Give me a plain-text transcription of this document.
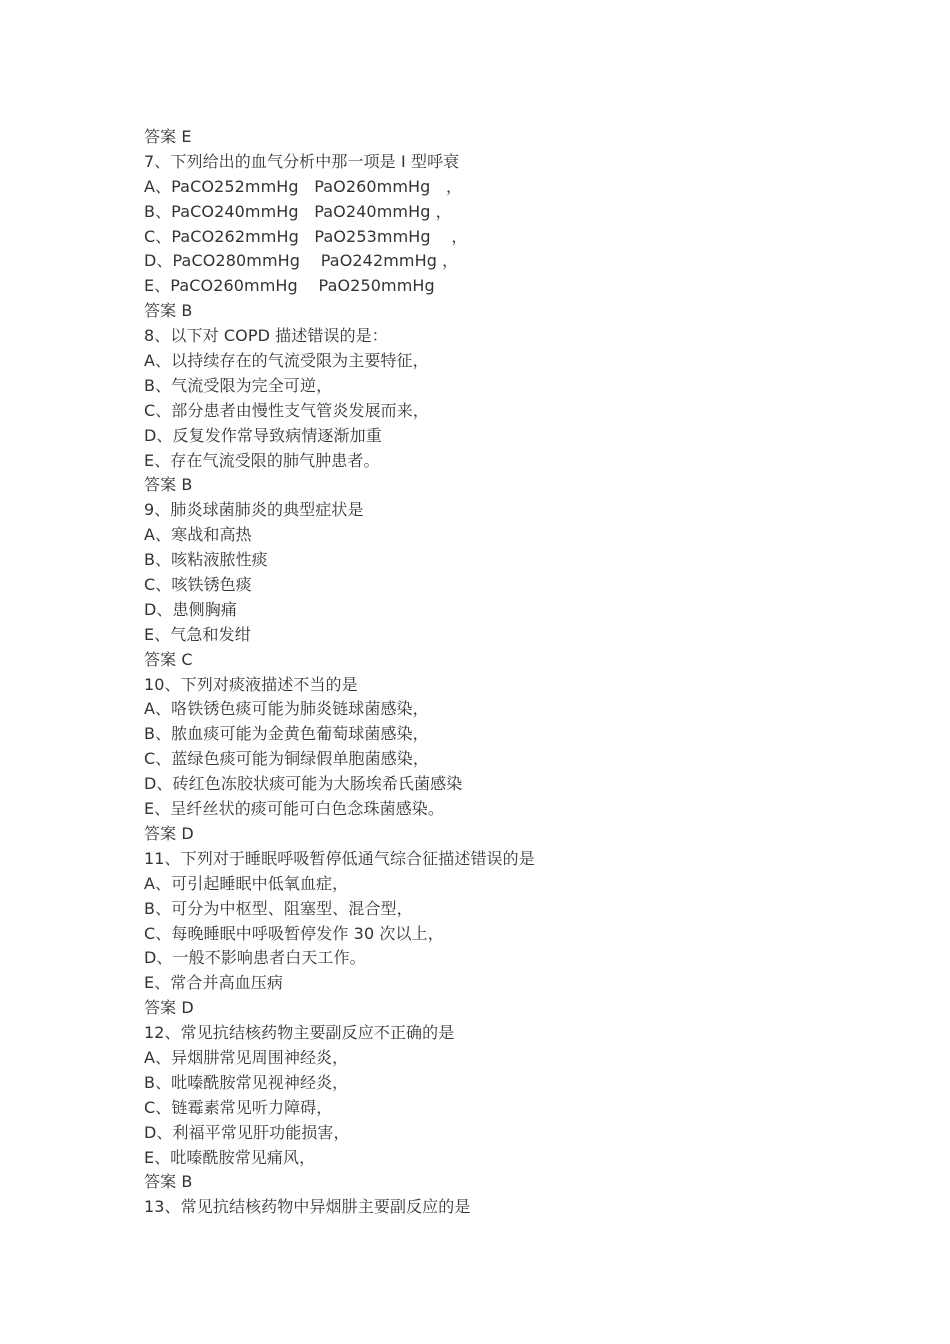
答案 E
7、下列给出的血气分析中那一项是 I 型呼衰
A、PaCO252mmHg   PaO260mmHg   ，
B、PaCO240mmHg   PaO240mmHg ，
C、PaCO262mmHg   PaO253mmHg    ，
D、PaCO280mmHg    PaO242mmHg ，
E、PaCO260mmHg    PaO250mmHg
答案 B
8、以下对 COPD 描述错误的是：
A、以持续存在的气流受限为主要特征，
B、气流受限为完全可逆，
C、部分患者由慢性支气管炎发展而来，
D、反复发作常导致病情逐渐加重
E、存在气流受限的肺气肿患者。
答案 B
9、肺炎球菌肺炎的典型症状是
A、寒战和高热
B、咳粘液脓性痰
C、咳铁锈色痰
D、患侧胸痛
E、气急和发绀
答案 C
10、下列对痰液描述不当的是
A、咯铁锈色痰可能为肺炎链球菌感染，
B、脓血痰可能为金黄色葡萄球菌感染，
C、蓝绿色痰可能为铜绿假单胞菌感染，
D、砖红色冻胶状痰可能为大肠埃希氏菌感染
E、呈纤丝状的痰可能可白色念珠菌感染。
答案 D
11、下列对于睡眠呼吸暂停低通气综合征描述错误的是
A、可引起睡眠中低氧血症，
B、可分为中枢型、阻塞型、混合型，
C、每晚睡眠中呼吸暂停发作 30 次以上，
D、一般不影响患者白天工作。
E、常合并高血压病
答案 D
12、常见抗结核药物主要副反应不正确的是
A、异烟肼常见周围神经炎，
B、吡嗪酰胺常见视神经炎，
C、链霉素常见听力障碍，
D、利福平常见肝功能损害，
E、吡嗪酰胺常见痛风，
答案 B
13、常见抗结核药物中异烟肼主要副反应的是
